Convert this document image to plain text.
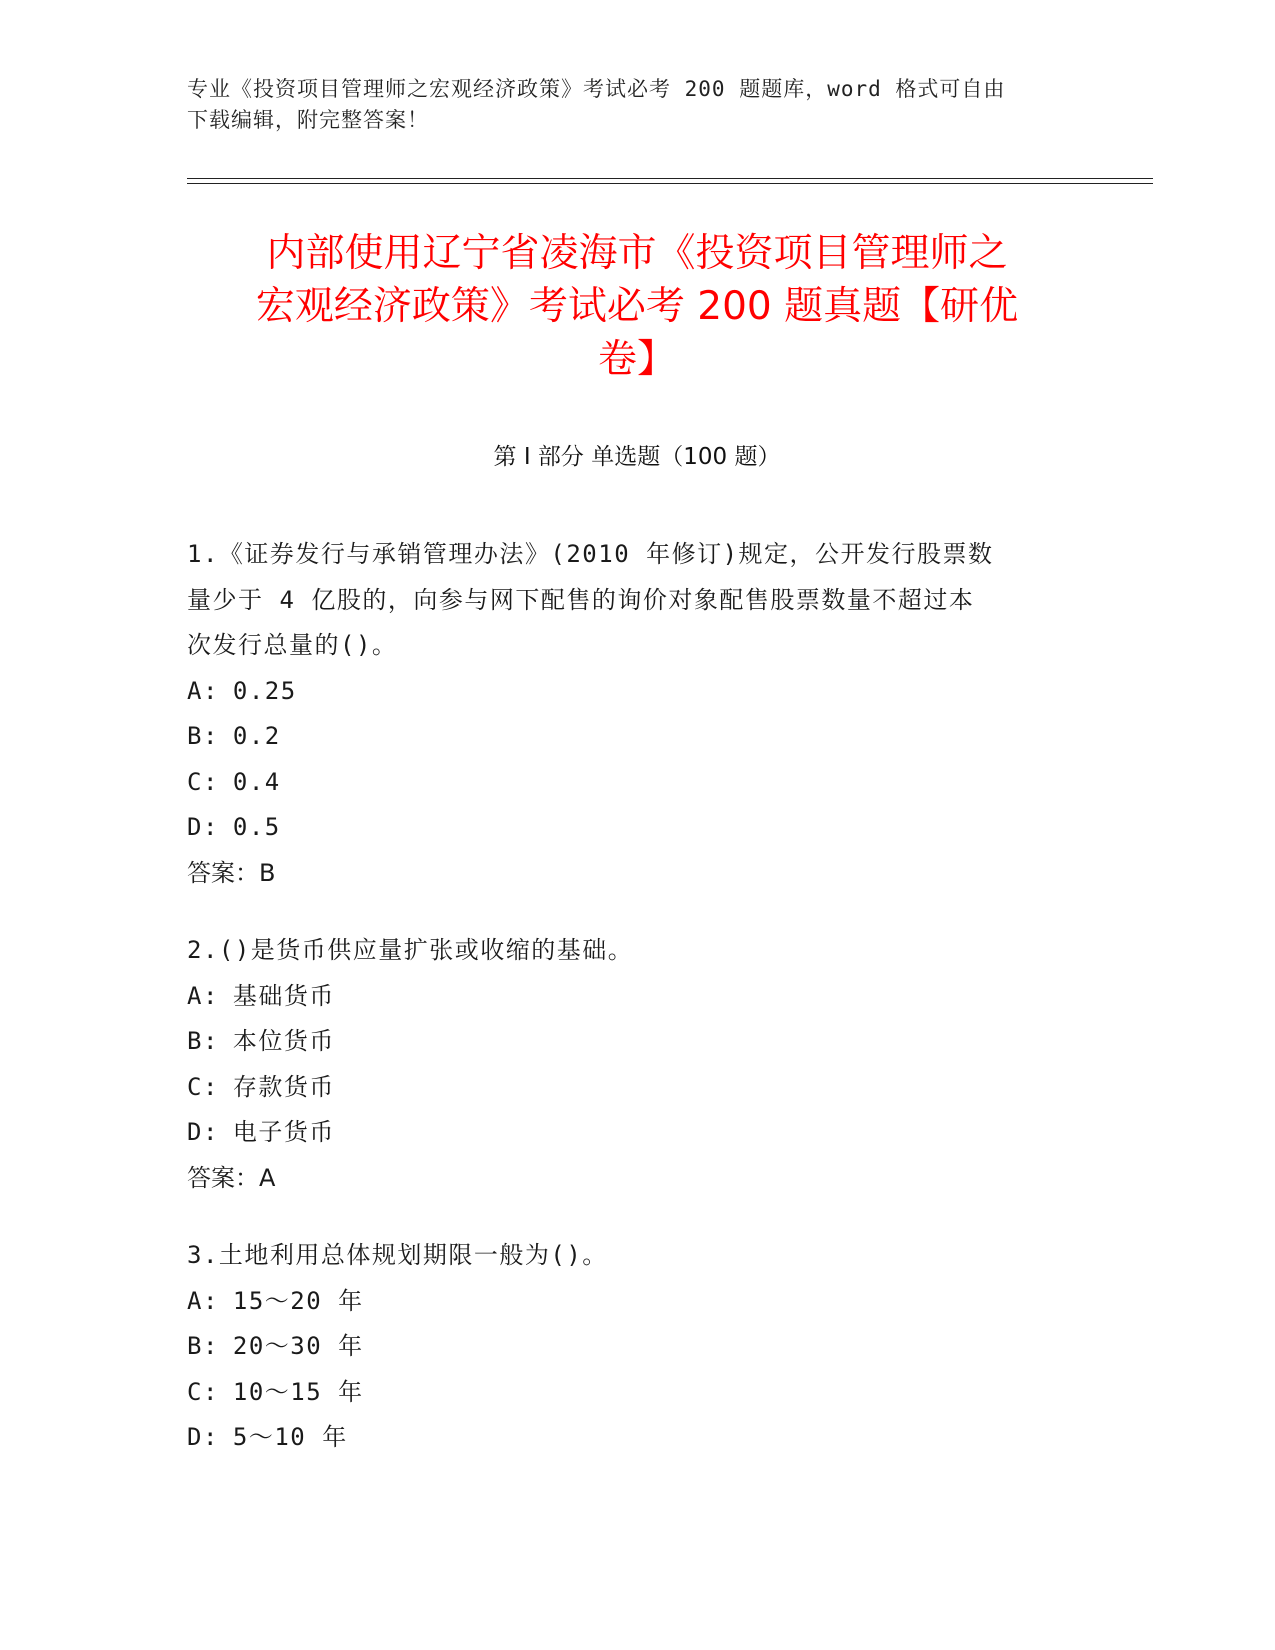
专业《投资项目管理师之宏观经济政策》考试必考 200 题题库，word 格式可自由
下载编辑，附完整答案！
内部使用辽宁省凌海市《投资项目管理师之
宏观经济政策》考试必考 200 题真题【研优
卷】
第 I 部分 单选题（100 题）

1.《证券发行与承销管理办法》(2010 年修订)规定，公开发行股票数

量少于 4 亿股的，向参与网下配售的询价对象配售股票数量不超过本

次发行总量的()。

A: 0.25

B: 0.2

C: 0.4

D: 0.5

答案：B

2.()是货币供应量扩张或收缩的基础。

A: 基础货币

B: 本位货币

C: 存款货币

D: 电子货币

答案：A

3.土地利用总体规划期限一般为()。

A: 15～20 年

B: 20～30 年

C: 10～15 年

D: 5～10 年
